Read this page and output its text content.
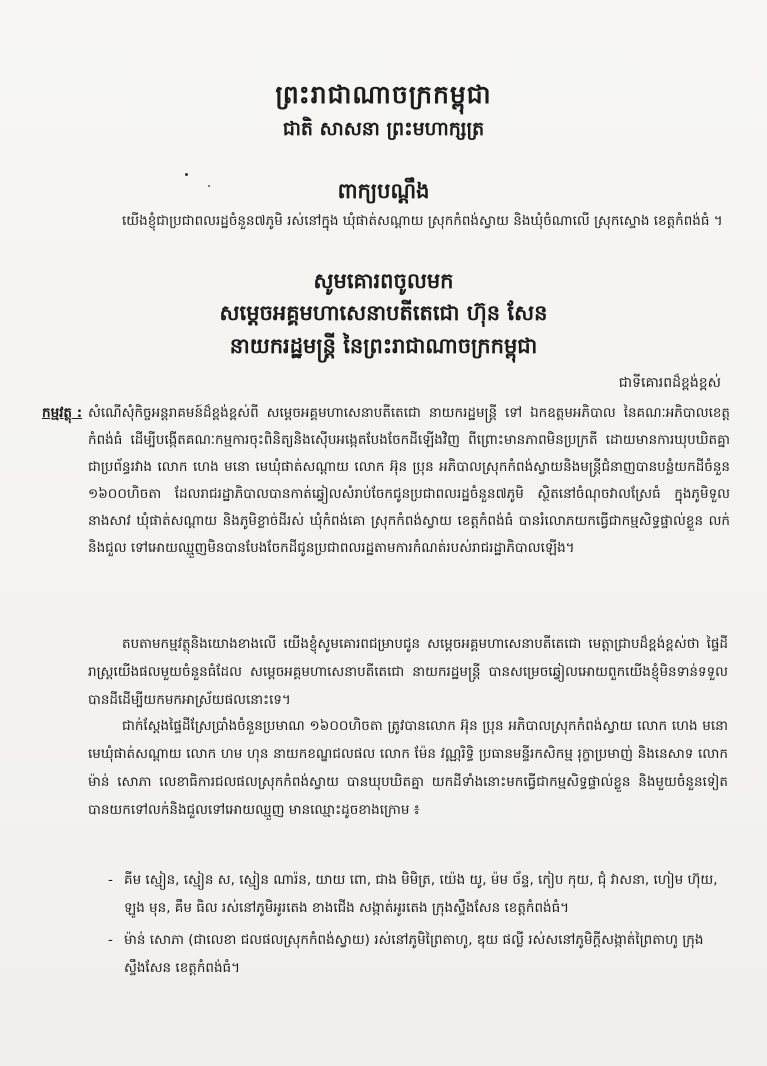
ព្រះរាជាណាចក្រកម្ពុជា
ជាតិ សាសនា ព្រះមហាក្សត្រ
ពាក្យបណ្តឹង
យើងខ្ញុំជាប្រជាពលរដ្ឋចំនួន៧ភូមិ រស់នៅក្នុង ឃុំផាត់សណ្តាយ ស្រុកកំពង់ស្វាយ និងឃុំចំណាលើ ស្រុកស្ទោង ខេត្តកំពង់ធំ ។
សូមគោរពចូលមក
សម្តេចអគ្គមហាសេនាបតីតេជោ ហ៊ុន សែន
នាយករដ្ឋមន្ត្រី នៃព្រះរាជាណាចក្រកម្ពុជា
ជាទីគោរពដ៏ខ្ពង់ខ្ពស់
កម្មវត្ថុ : សំណើសុំកិច្ចអន្តរាគមន៍ដ៏ខ្ពង់ខ្ពស់ពី សម្តេចអគ្គមហាសេនាបតីតេជោ នាយករដ្ឋមន្ត្រី ទៅ ឯកឧត្តមអភិបាល នៃគណៈអភិបាលខេត្តកំពង់ធំ ដើម្បីបង្កើតគណៈកម្មការចុះពិនិត្យនិងស៊ើបអង្កេតបែងចែកដីឡើងវិញ ពីព្រោះមានភាពមិនប្រក្រតី ដោយមានការឃុបឃិតគ្នាជាប្រព័ន្ធរវាង លោក ហេង មនោ មេឃុំផាត់សណ្តាយ លោក អ៊ុន ប្រុន អភិបាលស្រុកកំពង់ស្វាយនិងមន្ត្រីជំនាញបានបន្លំយកដីចំនួន ១៦០០ហិចតា ដែលរាជរដ្ឋាភិបាលបានកាត់ឆ្វៀលសំរាប់ចែកជូនប្រជាពលរដ្ឋចំនួន៧ភូមិ ស្ថិតនៅចំណុចវាលស្រែធំ ក្នុងភូមិទួលនាងសាវ ឃុំផាត់សណ្តាយ និងភូមិខ្លាច់ដីរស់ ឃុំកំពង់គោ ស្រុកកំពង់ស្វាយ ខេត្តកំពង់ធំ បានរំលោភយកធ្វើជាកម្មសិទ្ធផ្ទាល់ខ្លួន លក់ និងជួល ទៅអោយឈ្មួញមិនបានបែងចែកដីជូនប្រជាពលរដ្ឋតាមការកំណត់របស់រាជរដ្ឋាភិបាលឡើង។
តបតាមកម្មវត្ថុនិងយោងខាងលើ យើងខ្ញុំសូមគោរពជម្រាបជូន សម្តេចអគ្គមហាសេនាបតីតេជោ មេត្តាជ្រាបដ៏ខ្ពង់ខ្ពស់ថា ផ្ទៃដីរាស្រ្តយើងផលមួយចំនួនធំដែល សម្តេចអគ្គមហាសេនាបតីតេជោ នាយករដ្ឋមន្ត្រី បានសម្រេចឆ្វៀលអោយពួកយើងខ្ញុំមិនទាន់ទទួលបានដីដើម្បីយកមកអាស្រ័យផលនោះទេ។
ជាក់ស្តែងផ្ទៃដីស្រែប្រាំងចំនួនប្រមាណ ១៦០០ហិចតា ត្រូវបានលោក អ៊ុន ប្រុន អភិបាលស្រុកកំពង់ស្វាយ លោក ហេង មនោ មេឃុំផាត់សណ្តាយ លោក ហម ហុន នាយកខណ្ឌជលផល លោក ម៉ែន វណ្ណរិទ្ធិ ប្រធានមន្ទីរកសិកម្ម រុក្ខាប្រមាញ់ និងនេសាទ លោក ម៉ាន់ សោភា លេខាធិការជលផលស្រុកកំពង់ស្វាយ បានឃុបឃិតគ្នា យកដីទាំងនោះមកធ្វើជាកម្មសិទ្ធផ្ទាល់ខ្លួន និងមួយចំនួនទៀតបានយកទៅលក់និងជួលទៅអោយឈ្មួញ មានឈ្មោះដូចខាងក្រោម ៖
- គីម ស្មៀន, ស្មៀន ស, ស្មៀន ណារ៉ន, យាយ ពោ, ជាង មិមិត្រ, យ៉េង យូ, ម៉ម ច័ន្ទ, កៀប កុយ, ជុំ វាសនា, ហៀម ហ៊ុយ, ឡូង មុន, គឹម ធិល រស់នៅភូមិអូរតេង ខាងជើង សង្កាត់អូរតេង ក្រុងស្ទឹងសែន ខេត្តកំពង់ធំ។
- ម៉ាន់ សោភា (ជាលេខា ជលផលស្រុកកំពង់ស្វាយ) រស់នៅភូមិព្រៃតាហូ, ឌុយ ផល្លី រស់សនៅភូមិក្តីសង្កាត់ព្រៃតាហូ ក្រុងស្ទឹងសែន ខេត្តកំពង់ធំ។
